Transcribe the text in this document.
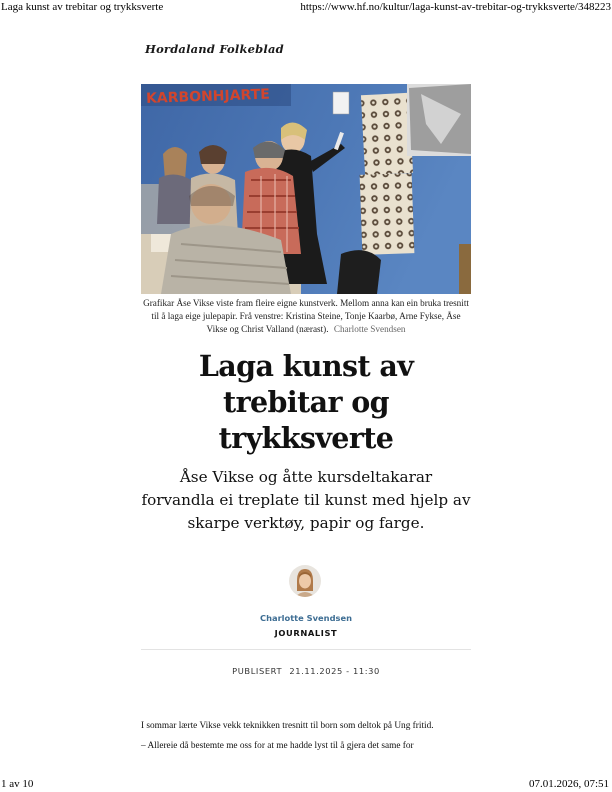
Laga kunst av trebitar og trykksverte	https://www.hf.no/kultur/laga-kunst-av-trebitar-og-trykksverte/348223
Hordaland Folkeblad
KARBONHJARTE
Grafikar Åse Vikse viste fram fleire eigne kunstverk. Mellom anna kan ein bruka tresnitt til å laga eige julepapir. Frå venstre: Kristina Steine, Tonje Kaarbø, Arne Fykse, Åse Vikse og Christ Valland (nærast). Charlotte Svendsen
Laga kunst av trebitar og trykksverte

Åse Vikse og åtte kursdeltakarar forvandla ei treplate til kunst med hjelp av skarpe verktøy, papir og farge.

Charlotte Svendsen
JOURNALIST
PUBLISERT 21.11.2025 - 11:30

I sommar lærte Vikse vekk teknikken tresnitt til born som deltok på Ung fritid.

– Allereie då bestemte me oss for at me hadde lyst til å gjera det same for

1 av 10	07.01.2026, 07:51
